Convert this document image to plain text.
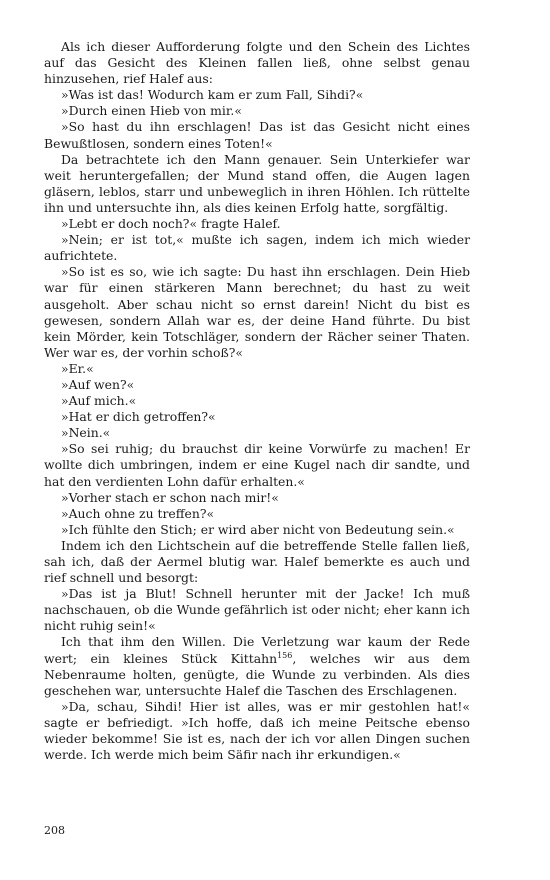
Als ich dieser Aufforderung folgte und den Schein des Lichtes auf das Gesicht des Kleinen fallen ließ, ohne selbst genau hinzusehen, rief Halef aus:

»Was ist das! Wodurch kam er zum Fall, Sihdi?«

»Durch einen Hieb von mir.«

»So hast du ihn erschlagen! Das ist das Gesicht nicht eines Bewußtlosen, sondern eines Toten!«

Da betrachtete ich den Mann genauer. Sein Unterkiefer war weit heruntergefallen; der Mund stand offen, die Augen lagen gläsern, leblos, starr und unbeweglich in ihren Höhlen. Ich rüttelte ihn und untersuchte ihn, als dies keinen Erfolg hatte, sorgfältig.

»Lebt er doch noch?« fragte Halef.

»Nein; er ist tot,« mußte ich sagen, indem ich mich wieder aufrichtete.

»So ist es so, wie ich sagte: Du hast ihn erschlagen. Dein Hieb war für einen stärkeren Mann berechnet; du hast zu weit ausgeholt. Aber schau nicht so ernst darein! Nicht du bist es gewesen, sondern Allah war es, der deine Hand führte. Du bist kein Mörder, kein Totschläger, sondern der Rächer seiner Thaten. Wer war es, der vorhin schoß?«

»Er.«

»Auf wen?«

»Auf mich.«

»Hat er dich getroffen?«

»Nein.«

»So sei ruhig; du brauchst dir keine Vorwürfe zu machen! Er wollte dich umbringen, indem er eine Kugel nach dir sandte, und hat den verdienten Lohn dafür erhalten.«

»Vorher stach er schon nach mir!«

»Auch ohne zu treffen?«

»Ich fühlte den Stich; er wird aber nicht von Bedeutung sein.«

Indem ich den Lichtschein auf die betreffende Stelle fallen ließ, sah ich, daß der Aermel blutig war. Halef bemerkte es auch und rief schnell und besorgt:

»Das ist ja Blut! Schnell herunter mit der Jacke! Ich muß nachschauen, ob die Wunde gefährlich ist oder nicht; eher kann ich nicht ruhig sein!«

Ich that ihm den Willen. Die Verletzung war kaum der Rede wert; ein kleines Stück Kittahn$^{156}$, welches wir aus dem Nebenraume holten, genügte, die Wunde zu verbinden. Als dies geschehen war, untersuchte Halef die Taschen des Erschlagenen.

»Da, schau, Sihdi! Hier ist alles, was er mir gestohlen hat!« sagte er befriedigt. »Ich hoffe, daß ich meine Peitsche ebenso wieder bekomme! Sie ist es, nach der ich vor allen Dingen suchen werde. Ich werde mich beim Säfir nach ihr erkundigen.«

208
